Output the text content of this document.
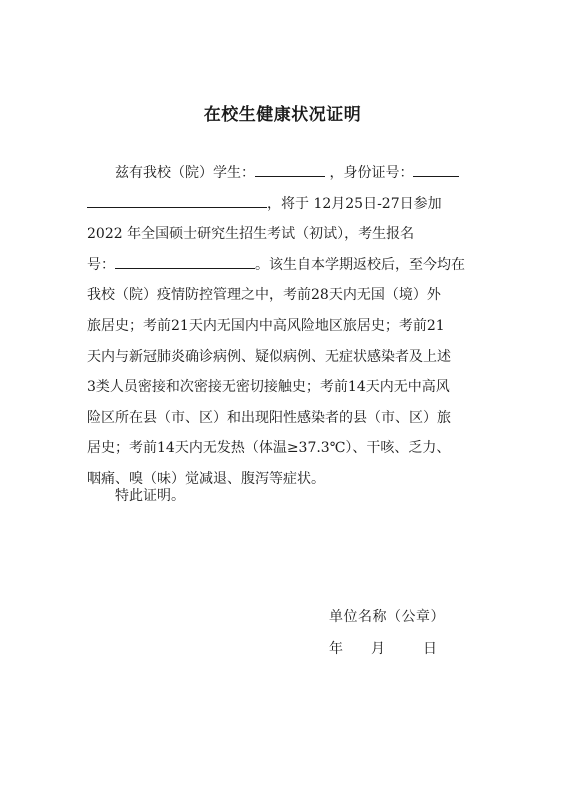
在校生健康状况证明
兹有我校（院）学生：	，身份证号：
，将于 12月25日-27日参加
2022 年全国硕士研究生招生考试（初试），考生报名
号：	。该生自本学期返校后，至今均在
我校（院）疫情防控管理之中，考前28天内无国（境）外
旅居史；考前21天内无国内中高风险地区旅居史；考前21
天内与新冠肺炎确诊病例、疑似病例、无症状感染者及上述
3类人员密接和次密接无密切接触史；考前14天内无中高风
险区所在县（市、区）和出现阳性感染者的县（市、区）旅
居史；考前14天内无发热（体温≥37.3℃）、干咳、乏力、
咽痛、嗅（味）觉减退、腹泻等症状。
特此证明。
单位名称（公章）
年 月	日
